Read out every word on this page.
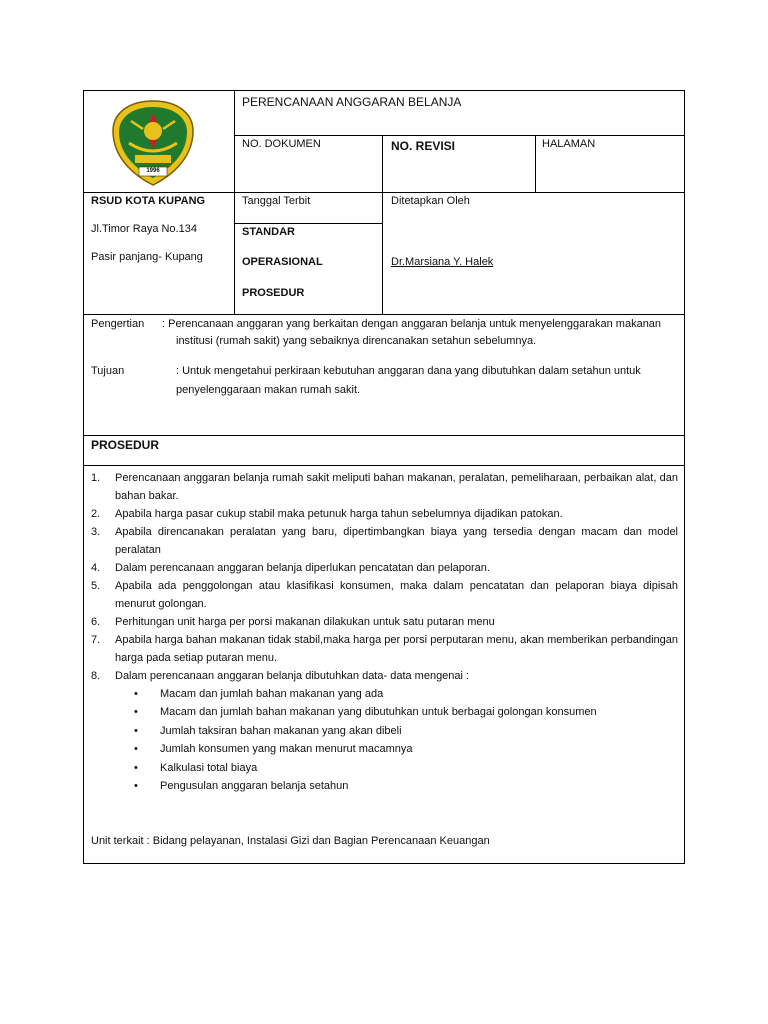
1996
PERENCANAAN ANGGARAN BELANJA
NO. DOKUMEN	NO. REVISI	HALAMAN
RSUD KOTA KUPANG
Jl.Timor Raya No.134
Pasir panjang- Kupang
Tanggal Terbit
STANDAR
OPERASIONAL
PROSEDUR
Ditetapkan Oleh
Dr.Marsiana Y. Halek
Pengertian : Perencanaan anggaran yang berkaitan dengan anggaran belanja untuk menyelenggarakan makanan
institusi (rumah sakit) yang sebaiknya direncanakan setahun sebelumnya.
Tujuan	: Untuk mengetahui perkiraan kebutuhan anggaran dana yang dibutuhkan dalam setahun untuk
penyelenggaraan makan rumah sakit.
PROSEDUR
1. Perencanaan anggaran belanja rumah sakit meliputi bahan makanan, peralatan, pemeliharaan, perbaikan alat, dan bahan bakar.
2. Apabila harga pasar cukup stabil maka petunuk harga tahun sebelumnya dijadikan patokan.
3. Apabila direncanakan peralatan yang baru, dipertimbangkan biaya yang tersedia dengan macam dan model peralatan
4. Dalam perencanaan anggaran belanja diperlukan pencatatan dan pelaporan.
5. Apabila ada penggolongan atau klasifikasi konsumen, maka dalam pencatatan dan pelaporan biaya dipisah menurut golongan.
6. Perhitungan unit harga per porsi makanan dilakukan untuk satu putaran menu
7. Apabila harga bahan makanan tidak stabil,maka harga per porsi perputaran menu, akan memberikan perbandingan harga pada setiap putaran menu.
8. Dalam perencanaan anggaran belanja dibutuhkan data- data mengenai :
• Macam dan jumlah bahan makanan yang ada
• Macam dan jumlah bahan makanan yang dibutuhkan untuk berbagai golongan konsumen
• Jumlah taksiran bahan makanan yang akan dibeli
• Jumlah konsumen yang makan menurut macamnya
• Kalkulasi total biaya
• Pengusulan anggaran belanja setahun
Unit terkait : Bidang pelayanan, Instalasi Gizi dan Bagian Perencanaan Keuangan
